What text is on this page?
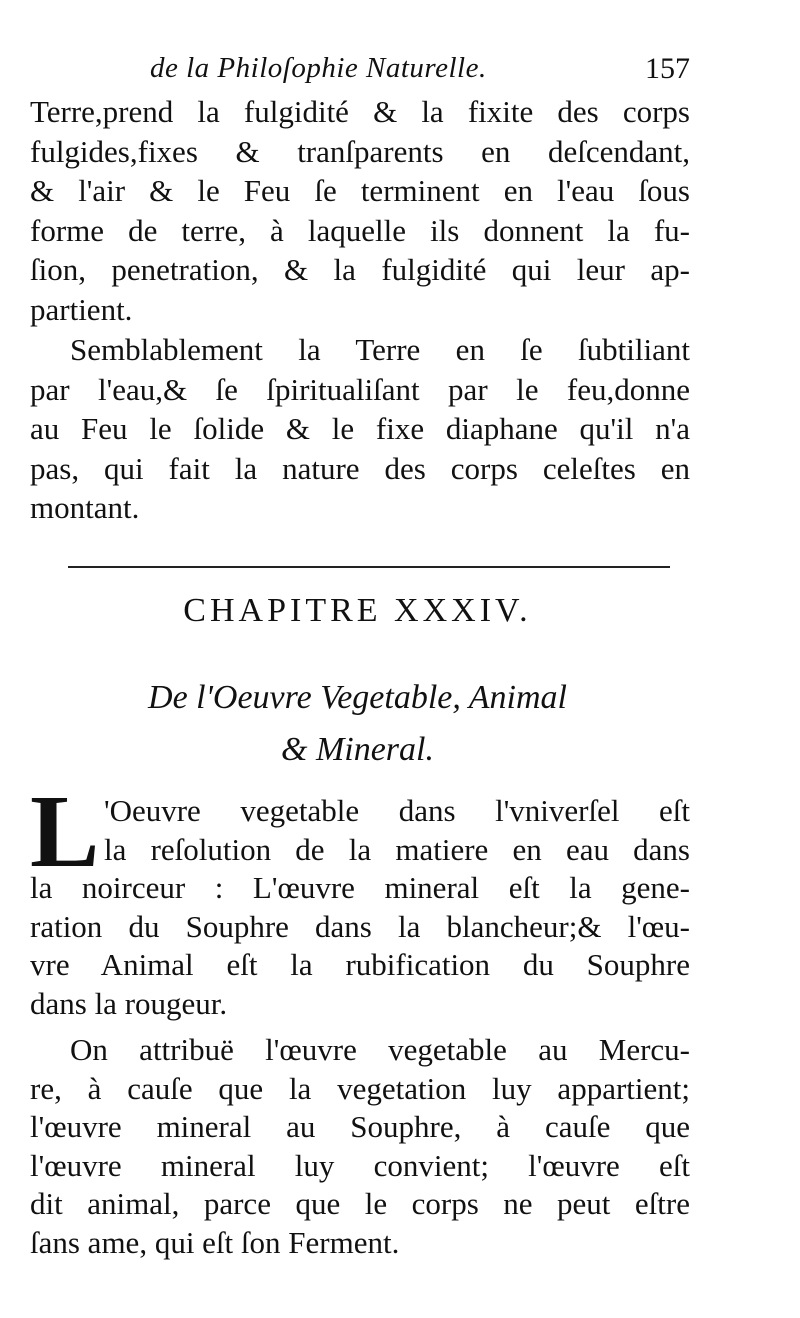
de la Philoſophie Naturelle.	157
Terre,prend la fulgidité & la fixite des corps
fulgides,fixes & tranſparents en deſcendant,
& l'air & le Feu ſe terminent en l'eau ſous
forme de terre, à laquelle ils donnent la fu-
ſion, penetration, & la fulgidité qui leur ap-
partient.
Semblablement la Terre en ſe ſubtiliant
par l'eau,& ſe ſpiritualiſant par le feu,donne
au Feu le ſolide & le fixe diaphane qu'il n'a
pas, qui fait la nature des corps celeſtes en
montant.
CHAPITRE XXXIV.
De l'Oeuvre Vegetable, Animal
& Mineral.
L 'Oeuvre vegetable dans l'vniverſel eſt
la reſolution de la matiere en eau dans
la noirceur : L'œuvre mineral eſt la gene-
ration du Souphre dans la blancheur;& l'œu-
vre Animal eſt la rubification du Souphre
dans la rougeur.
On attribuë l'œuvre vegetable au Mercu-
re, à cauſe que la vegetation luy appartient;
l'œuvre mineral au Souphre, à cauſe que
l'œuvre mineral luy convient; l'œuvre eſt
dit animal, parce que le corps ne peut eſtre
ſans ame, qui eſt ſon Ferment.
